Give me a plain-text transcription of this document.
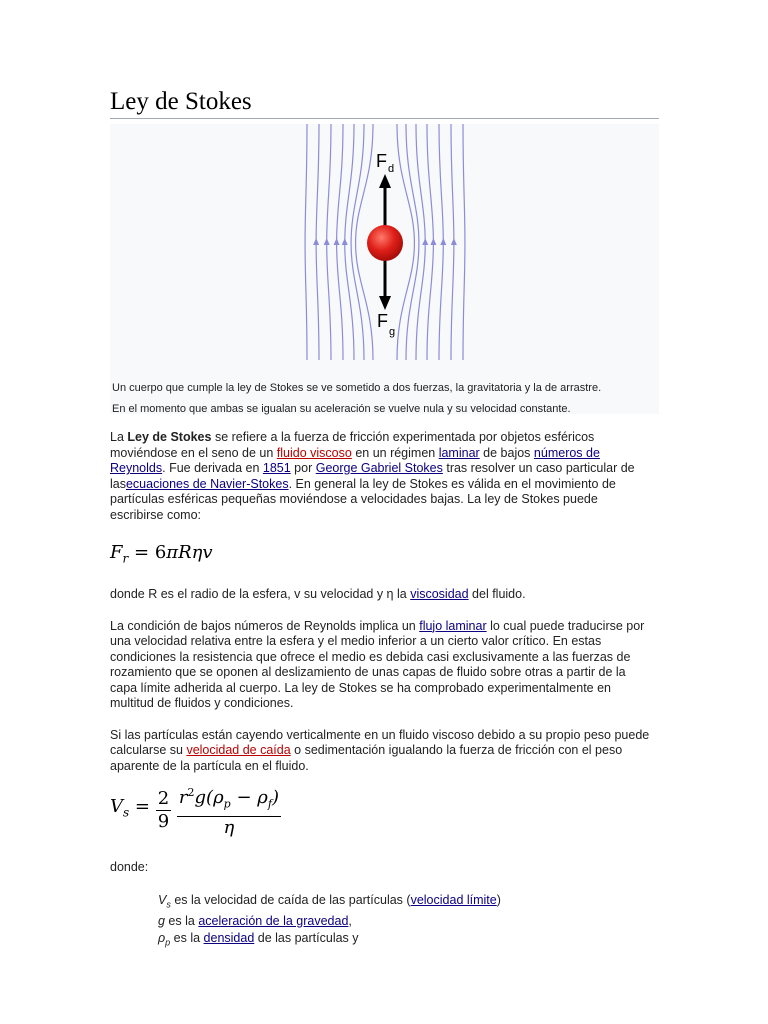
Ley de Stokes
F d
F
g
Un cuerpo que cumple la ley de Stokes se ve sometido a dos fuerzas, la gravitatoria y la de arrastre.
En el momento que ambas se igualan su aceleración se vuelve nula y su velocidad constante.

La Ley de Stokes se refiere a la fuerza de fricción experimentada por objetos esféricos moviéndose en el seno de un fluido viscoso en un régimen laminar de bajos números de Reynolds. Fue derivada en 1851 por George Gabriel Stokes tras resolver un caso particular de lasecuaciones de Navier-Stokes. En general la ley de Stokes es válida en el movimiento de partículas esféricas pequeñas moviéndose a velocidades bajas. La ley de Stokes puede escribirse como:

$F_r = 6\pi R\eta v$

donde R es el radio de la esfera, v su velocidad y η la viscosidad del fluido.

La condición de bajos números de Reynolds implica un flujo laminar lo cual puede traducirse por una velocidad relativa entre la esfera y el medio inferior a un cierto valor crítico. En estas condiciones la resistencia que ofrece el medio es debida casi exclusivamente a las fuerzas de rozamiento que se oponen al deslizamiento de unas capas de fluido sobre otras a partir de la capa límite adherida al cuerpo. La ley de Stokes se ha comprobado experimentalmente en multitud de fluidos y condiciones.

Si las partículas están cayendo verticalmente en un fluido viscoso debido a su propio peso puede calcularse su velocidad de caída o sedimentación igualando la fuerza de fricción con el peso aparente de la partícula en el fluido.

$V_s = \frac{2}{9}$
$\frac{r^2g(\rho_p - \rho_f)}{\eta}$

donde:

$V_s$ es la velocidad de caída de las partículas (velocidad límite)
g es la aceleración de la gravedad,
$\rho_p$ es la densidad de las partículas y
